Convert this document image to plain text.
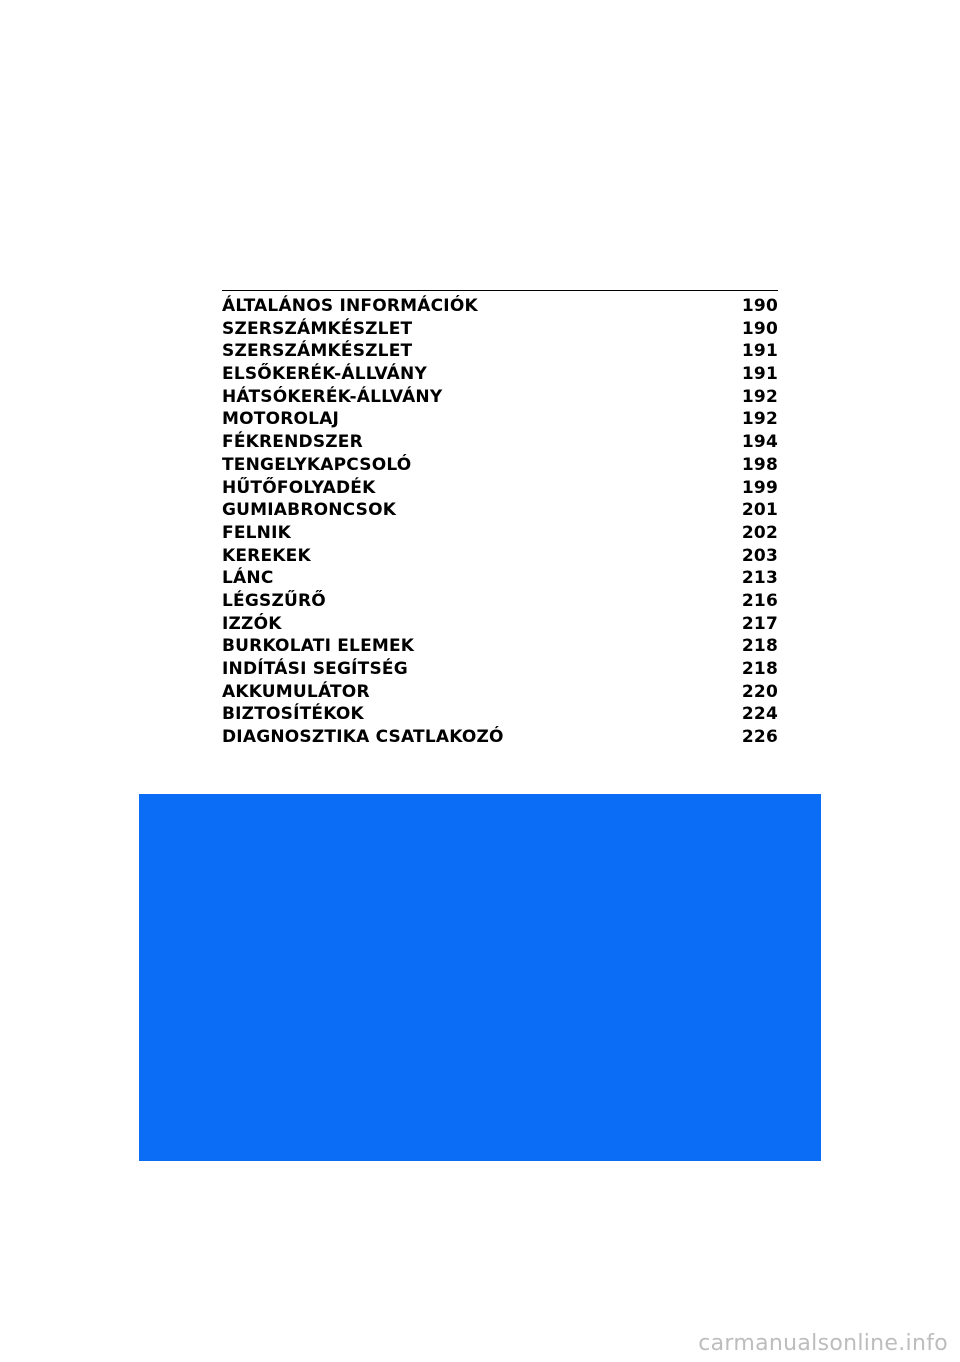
ÁLTALÁNOS INFORMÁCIÓK	190
SZERSZÁMKÉSZLET	190
SZERSZÁMKÉSZLET	191
ELSŐKERÉK-ÁLLVÁNY	191
HÁTSÓKERÉK-ÁLLVÁNY	192
MOTOROLAJ	192
FÉKRENDSZER	194
TENGELYKAPCSOLÓ	198
HŰTŐFOLYADÉK	199
GUMIABRONCSOK	201
FELNIK	202
KEREKEK	203
LÁNC	213
LÉGSZŰRŐ	216
IZZÓK	217
BURKOLATI ELEMEK	218
INDÍTÁSI SEGÍTSÉG	218
AKKUMULÁTOR	220
BIZTOSÍTÉKOK	224
DIAGNOSZTIKA CSATLAKOZÓ	226
carmanualsonline.info
